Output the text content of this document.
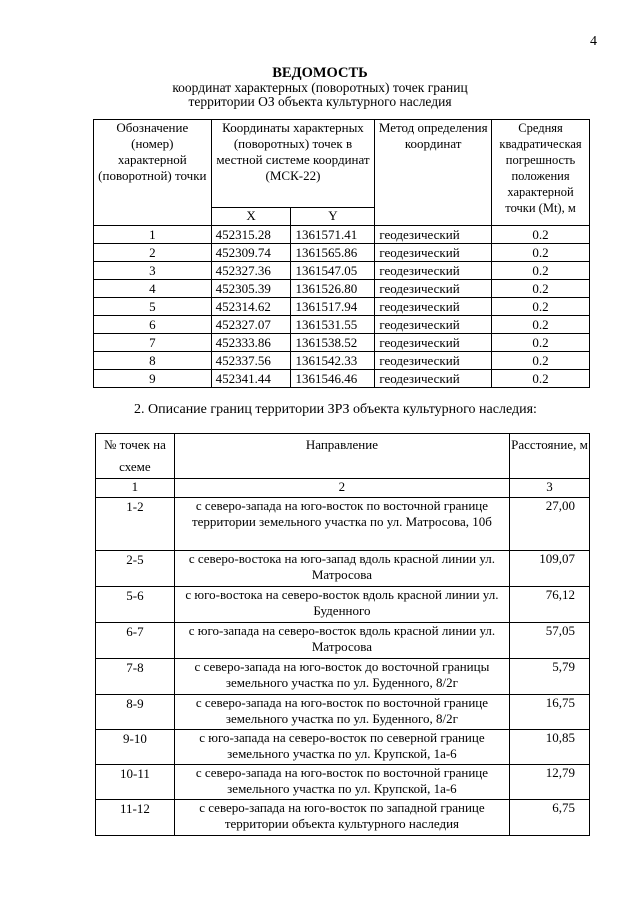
4
ВЕДОМОСТЬ
координат характерных (поворотных) точек границ
территории ОЗ объекта культурного наследия
Обозначение (номер) характерной (поворотной) точки	Координаты характерных (поворотных) точек в местной системе координат (МСК-22)		Метод определения координат	Средняя квадратическая погрешность положения характерной точки (Mt), м
	X	Y		
1	452315.28	1361571.41	геодезический	0.2
2	452309.74	1361565.86	геодезический	0.2
3	452327.36	1361547.05	геодезический	0.2
4	452305.39	1361526.80	геодезический	0.2
5	452314.62	1361517.94	геодезический	0.2
6	452327.07	1361531.55	геодезический	0.2
7	452333.86	1361538.52	геодезический	0.2
8	452337.56	1361542.33	геодезический	0.2
9	452341.44	1361546.46	геодезический	0.2
2. Описание границ территории ЗРЗ объекта культурного наследия:
№ точек на схеме	Направление	Расстояние, м
1	2	3
1-2	с северо-запада на юго-восток по восточной границе территории земельного участка по ул. Матросова, 10б	27,00
2-5	с северо-востока на юго-запад вдоль красной линии ул. Матросова	109,07
5-6	с юго-востока на северо-восток вдоль красной линии ул. Буденного	76,12
6-7	с юго-запада на северо-восток вдоль красной линии ул. Матросова	57,05
7-8	с северо-запада на юго-восток до восточной границы земельного участка по ул. Буденного, 8/2г	5,79
8-9	с северо-запада на юго-восток по восточной границе земельного участка по ул. Буденного, 8/2г	16,75
9-10	с юго-запада на северо-восток по северной границе земельного участка по ул. Крупской, 1а-6	10,85
10-11	с северо-запада на юго-восток по восточной границе земельного участка по ул. Крупской, 1а-6	12,79
11-12	с северо-запада на юго-восток по западной границе территории объекта культурного наследия	6,75
